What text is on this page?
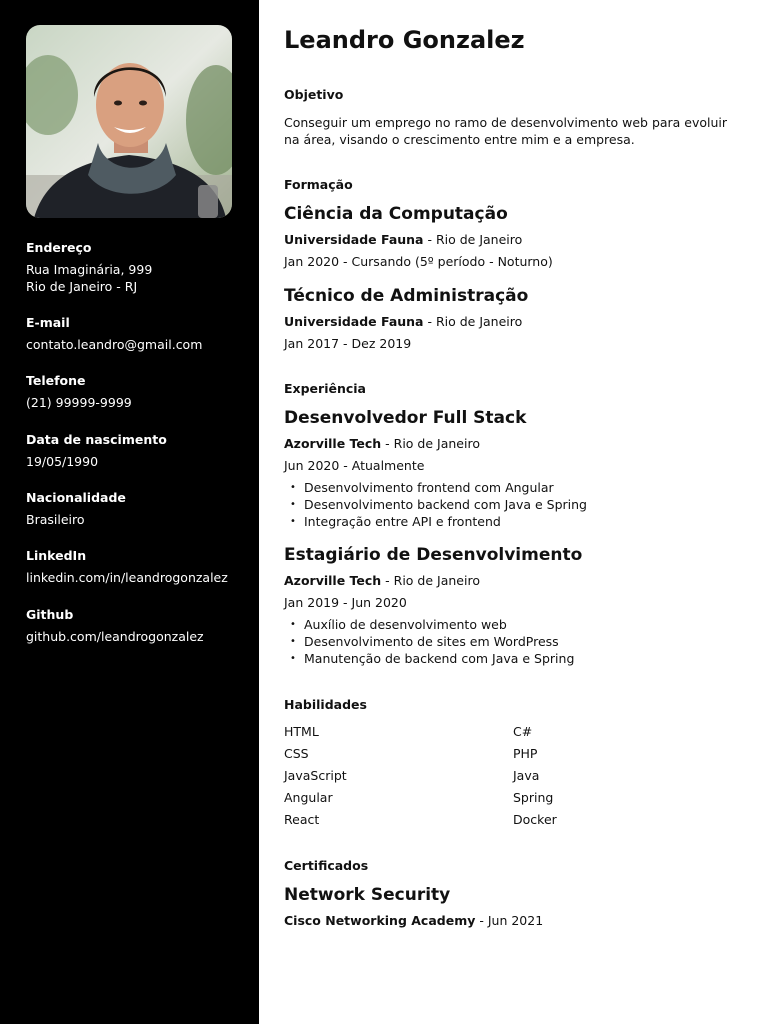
Endereço
Rua Imaginária, 999
Rio de Janeiro - RJ
E-mail
contato.leandro@gmail.com
Telefone
(21) 99999-9999
Data de nascimento
19/05/1990
Nacionalidade
Brasileiro
LinkedIn
linkedin.com/in/leandrogonzalez
Github
github.com/leandrogonzalez
Leandro Gonzalez
Objetivo
Conseguir um emprego no ramo de desenvolvimento web para evoluir na área, visando o crescimento entre mim e a empresa.
Formação
Ciência da Computação
Universidade Fauna - Rio de Janeiro
Jan 2020 - Cursando (5º período - Noturno)
Técnico de Administração
Universidade Fauna - Rio de Janeiro
Jan 2017 - Dez 2019
Experiência
Desenvolvedor Full Stack
Azorville Tech - Rio de Janeiro
Jun 2020 - Atualmente
• Desenvolvimento frontend com Angular
• Desenvolvimento backend com Java e Spring
• Integração entre API e frontend
Estagiário de Desenvolvimento
Azorville Tech - Rio de Janeiro
Jan 2019 - Jun 2020
• Auxílio de desenvolvimento web
• Desenvolvimento de sites em WordPress
• Manutenção de backend com Java e Spring
Habilidades
HTML
CSS
JavaScript
Angular
React
C#
PHP
Java
Spring
Docker
Certificados
Network Security
Cisco Networking Academy - Jun 2021
